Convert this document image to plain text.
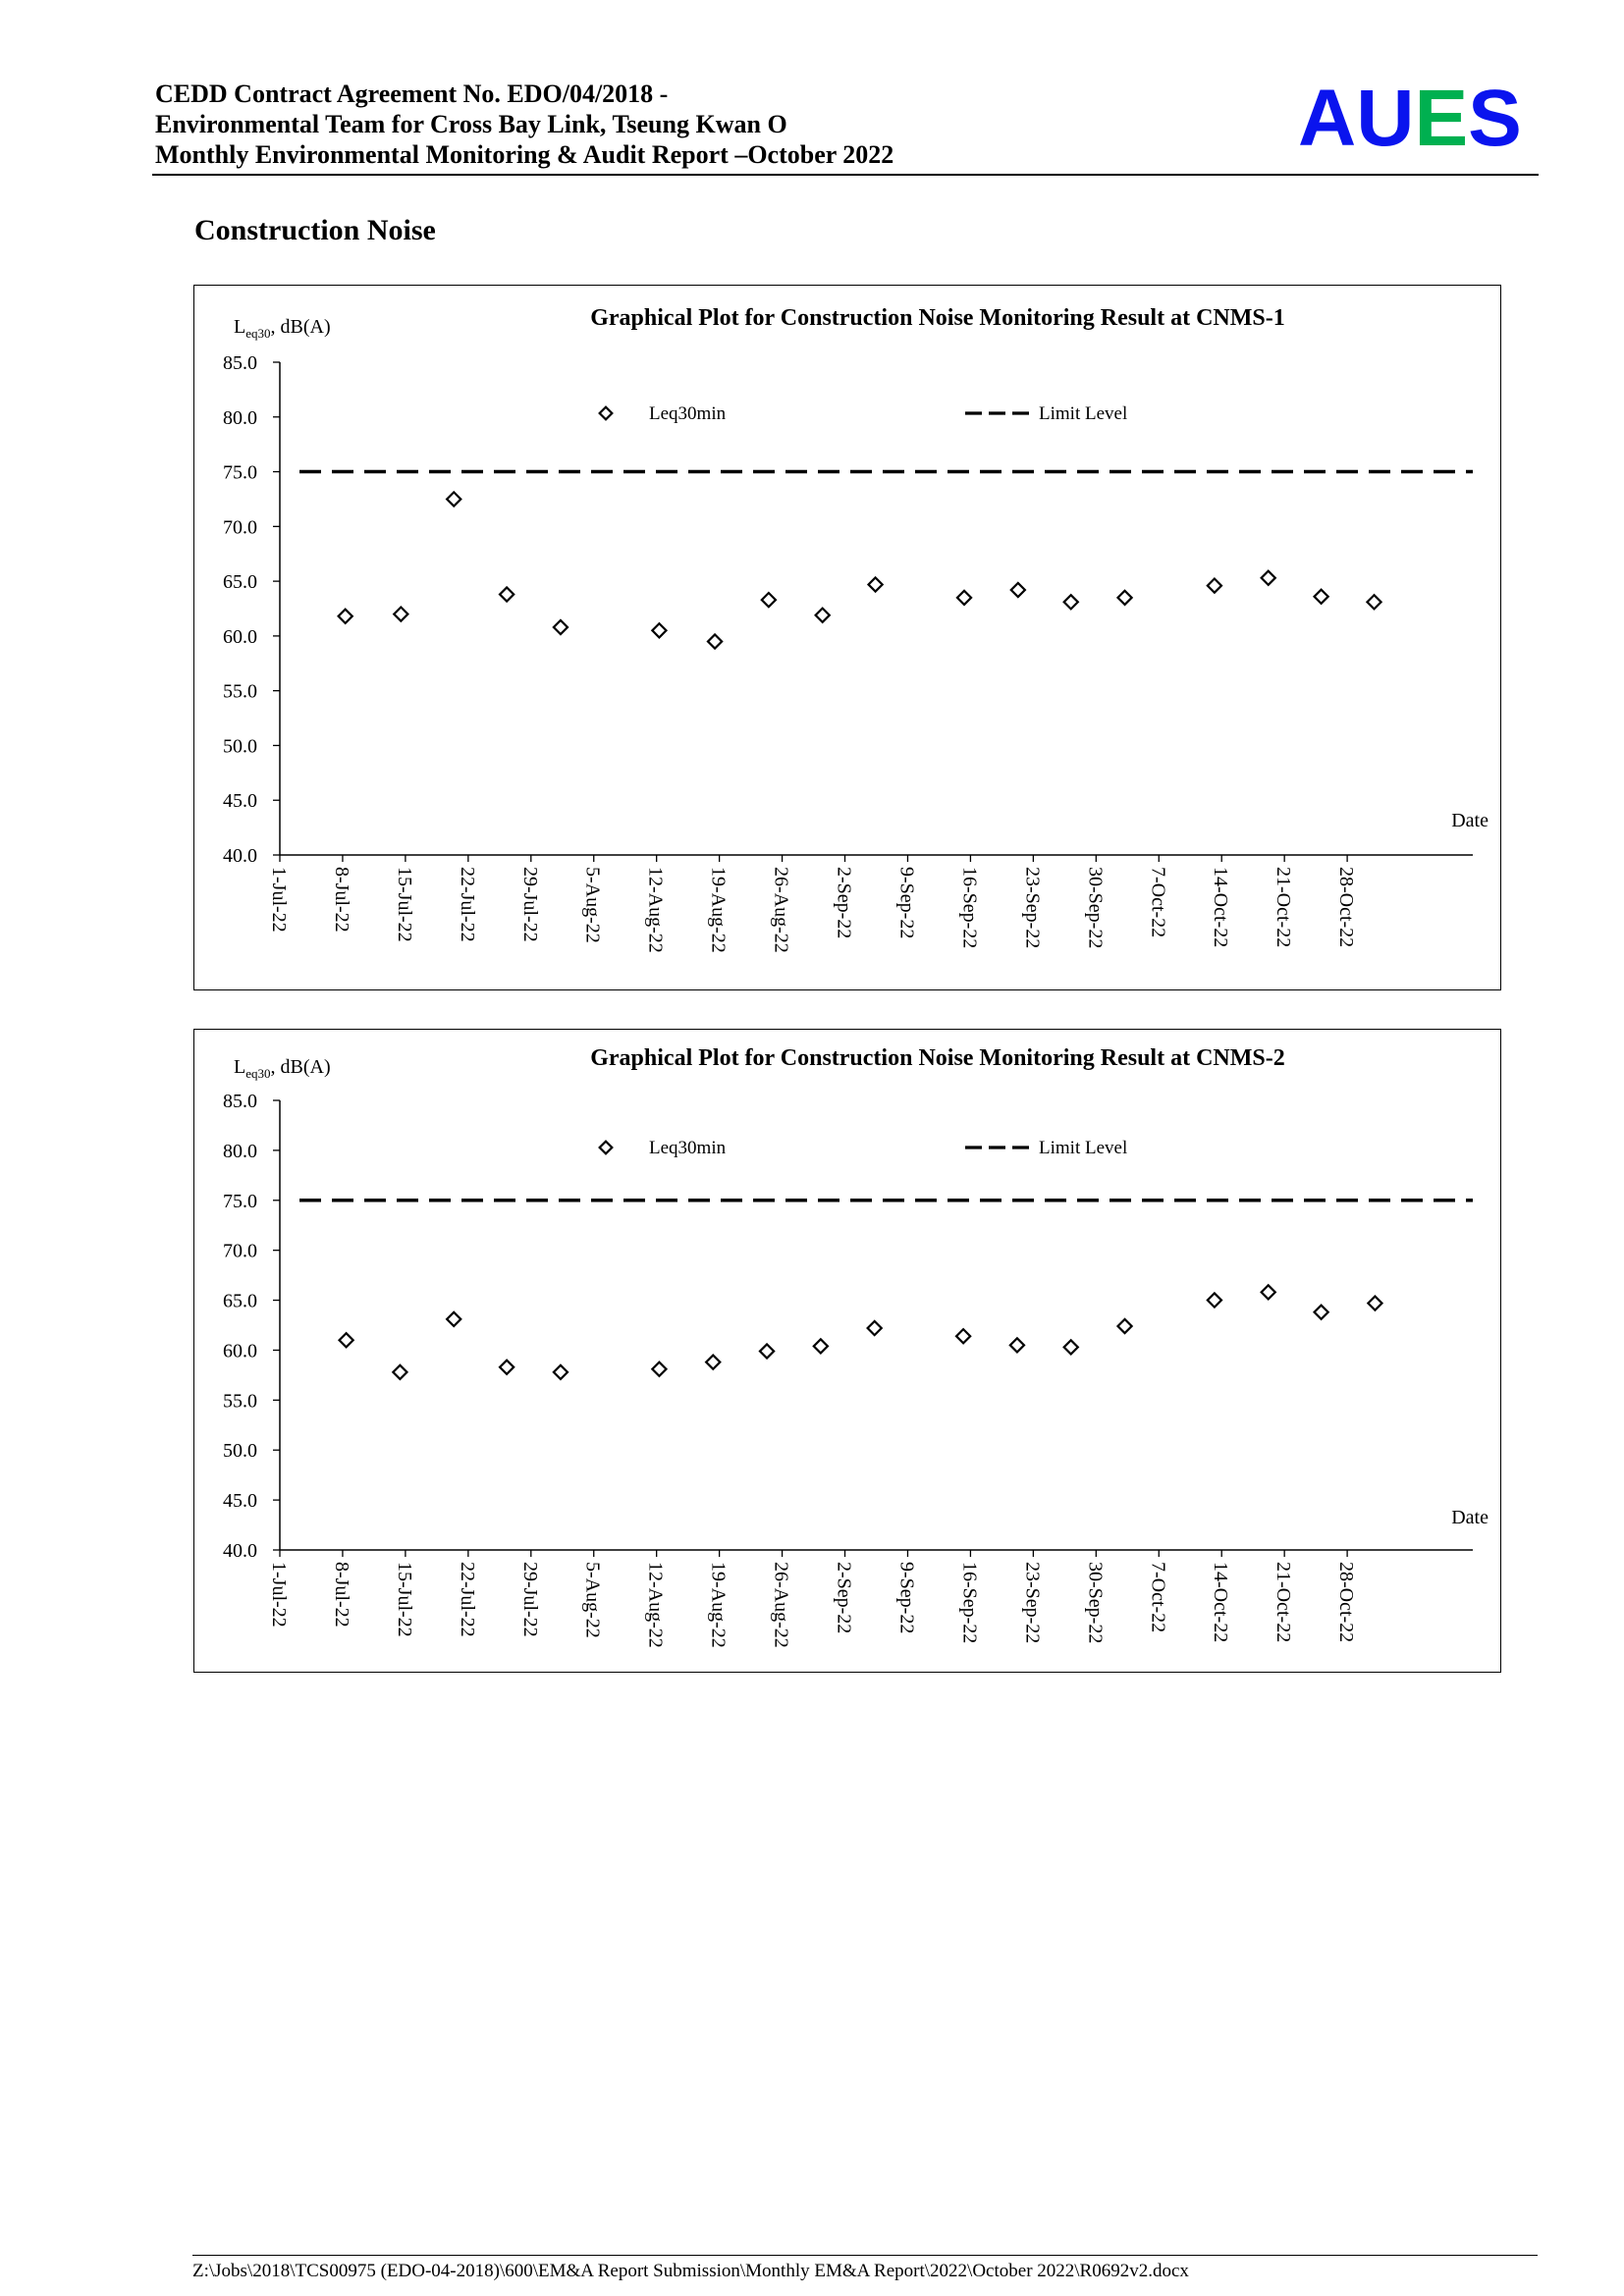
CEDD Contract Agreement No. EDO/04/2018 -
Environmental Team for Cross Bay Link, Tseung Kwan O
Monthly Environmental Monitoring & Audit Report –October 2022	AUES
Construction Noise
Graphical Plot for Construction Noise Monitoring Result at CNMS-1
$L_{eq30}$, dB(A)
40.0
45.0
50.0
55.0
60.0
65.0
70.0
75.0
80.0
85.0
1-Jul-22 8-Jul-22 15-Jul-22 22-Jul-22 29-Jul-22 5-Aug-22 12-Aug-22 19-Aug-22 26-Aug-22 2-Sep-22 9-Sep-22 16-Sep-22 23-Sep-22 30-Sep-22 7-Oct-22 14-Oct-22 21-Oct-22 28-Oct-22
Date
Leq30min	Limit Level
Graphical Plot for Construction Noise Monitoring Result at CNMS-2
$L_{eq30}$, dB(A)
40.0
45.0
50.0
55.0
60.0
65.0
70.0
75.0
80.0
85.0
1-Jul-22 8-Jul-22 15-Jul-22 22-Jul-22 29-Jul-22 5-Aug-22 12-Aug-22 19-Aug-22 26-Aug-22 2-Sep-22 9-Sep-22 16-Sep-22 23-Sep-22 30-Sep-22 7-Oct-22 14-Oct-22 21-Oct-22 28-Oct-22
Date
Leq30min	Limit Level
Z:\Jobs\2018\TCS00975 (EDO-04-2018)\600\EM&A Report Submission\Monthly EM&A Report\2022\October 2022\R0692v2.docx
